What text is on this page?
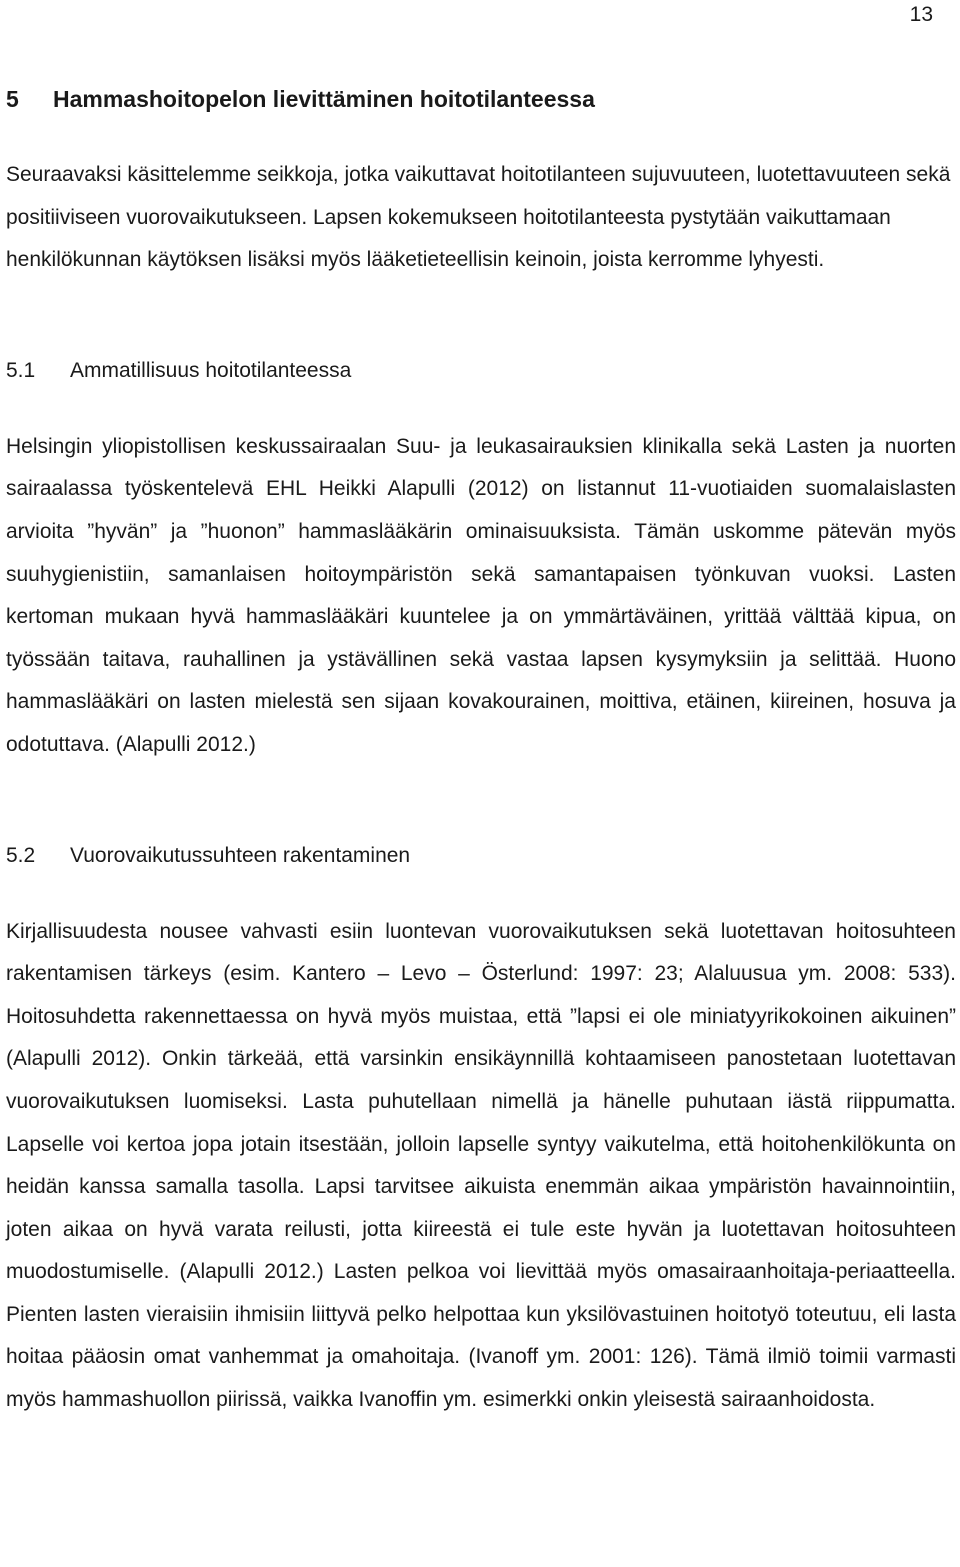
13
5 Hammashoitopelon lievittäminen hoitotilanteessa

Seuraavaksi käsittelemme seikkoja, jotka vaikuttavat hoitotilanteen sujuvuuteen, luotettavuuteen sekä positiiviseen vuorovaikutukseen. Lapsen kokemukseen hoitotilanteesta pystytään vaikuttamaan henkilökunnan käytöksen lisäksi myös lääketieteellisin keinoin, joista kerromme lyhyesti.

5.1 Ammatillisuus hoitotilanteessa

Helsingin yliopistollisen keskussairaalan Suu- ja leukasairauksien klinikalla sekä Lasten ja nuorten sairaalassa työskentelevä EHL Heikki Alapulli (2012) on listannut 11-vuotiaiden suomalaislasten arvioita ”hyvän” ja ”huonon” hammaslääkärin ominaisuuksista. Tämän uskomme pätevän myös suuhygienistiin, samanlaisen hoitoympäristön sekä samantapaisen työnkuvan vuoksi. Lasten kertoman mukaan hyvä hammaslääkäri kuuntelee ja on ymmärtäväinen, yrittää välttää kipua, on työssään taitava, rauhallinen ja ystävällinen sekä vastaa lapsen kysymyksiin ja selittää. Huono hammaslääkäri on lasten mielestä sen sijaan kovakourainen, moittiva, etäinen, kiireinen, hosuva ja odotuttava. (Alapulli 2012.)

5.2 Vuorovaikutussuhteen rakentaminen

Kirjallisuudesta nousee vahvasti esiin luontevan vuorovaikutuksen sekä luotettavan hoitosuhteen rakentamisen tärkeys (esim. Kantero – Levo – Österlund: 1997: 23; Alaluusua ym. 2008: 533). Hoitosuhdetta rakennettaessa on hyvä myös muistaa, että ”lapsi ei ole miniatyyrikokoinen aikuinen” (Alapulli 2012). Onkin tärkeää, että varsinkin ensikäynnillä kohtaamiseen panostetaan luotettavan vuorovaikutuksen luomiseksi. Lasta puhutellaan nimellä ja hänelle puhutaan iästä riippumatta. Lapselle voi kertoa jopa jotain itsestään, jolloin lapselle syntyy vaikutelma, että hoitohenkilökunta on heidän kanssa samalla tasolla. Lapsi tarvitsee aikuista enemmän aikaa ympäristön havainnointiin, joten aikaa on hyvä varata reilusti, jotta kiireestä ei tule este hyvän ja luotettavan hoitosuhteen muodostumiselle. (Alapulli 2012.) Lasten pelkoa voi lievittää myös omasairaanhoitaja-periaatteella. Pienten lasten vieraisiin ihmisiin liittyvä pelko helpottaa kun yksilövastuinen hoitotyö toteutuu, eli lasta hoitaa pääosin omat vanhemmat ja omahoitaja. (Ivanoff ym. 2001: 126). Tämä ilmiö toimii varmasti myös hammashuollon piirissä, vaikka Ivanoffin ym. esimerkki onkin yleisestä sairaanhoidosta.
